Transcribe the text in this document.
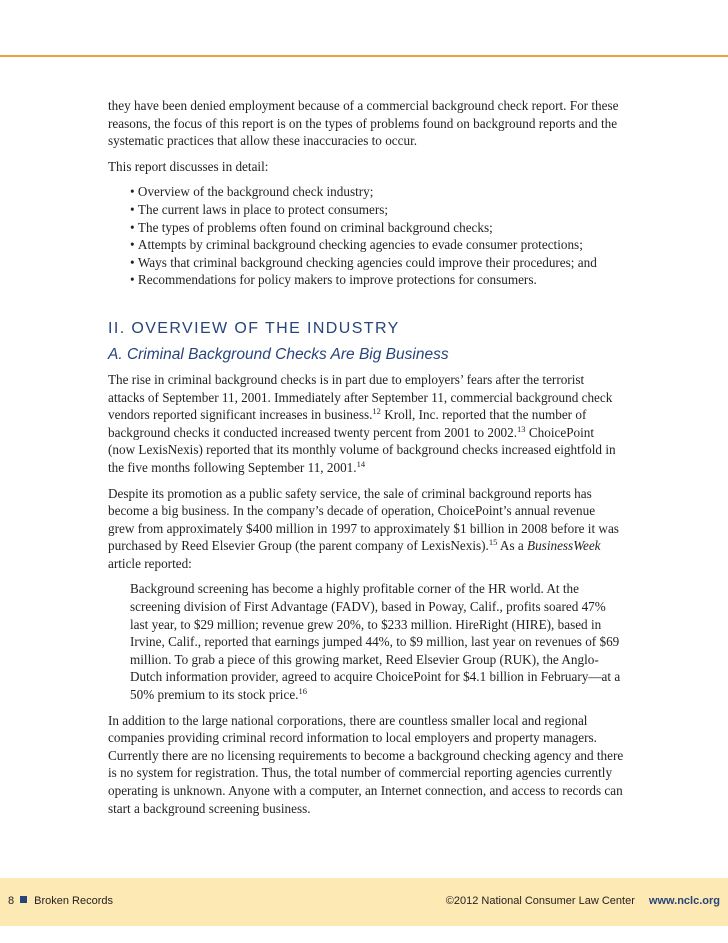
they have been denied employment because of a commercial background check report. For these reasons, the focus of this report is on the types of problems found on background reports and the systematic practices that allow these inaccuracies to occur.

This report discusses in detail:

• Overview of the background check industry;
• The current laws in place to protect consumers;
• The types of problems often found on criminal background checks;
• Attempts by criminal background checking agencies to evade consumer protections;
• Ways that criminal background checking agencies could improve their procedures; and
• Recommendations for policy makers to improve protections for consumers.
II. OVERVIEW OF THE INDUSTRY
A. Criminal Background Checks Are Big Business

The rise in criminal background checks is in part due to employers’ fears after the terrorist attacks of September 11, 2001. Immediately after September 11, commercial background check vendors reported significant increases in business.$^{12}$ Kroll, Inc. reported that the number of background checks it conducted increased twenty percent from 2001 to 2002.13 ChoicePoint (now LexisNexis) reported that its monthly volume of background checks increased eightfold in the five months following September 11, 2001.14

Despite its promotion as a public safety service, the sale of criminal background reports has become a big business. In the company’s decade of operation, ChoicePoint’s annual revenue grew from approximately $400 million in 1997 to approximately $1 billion in 2008 before it was purchased by Reed Elsevier Group (the parent company of LexisNexis).$^{15}$ As a BusinessWeek article reported:

Background screening has become a highly profitable corner of the HR world. At the screening division of First Advantage (FADV), based in Poway, Calif., profits soared 47% last year, to $29 million; revenue grew 20%, to $233 million. HireRight (HIRE), based in Irvine, Calif., reported that earnings jumped 44%, to $9 million, last year on revenues of $69 million. To grab a piece of this growing market, Reed Elsevier Group (RUK), the Anglo-Dutch information provider, agreed to acquire ChoicePoint for $4.1 billion in February—at a 50% premium to its stock price.$^{16}$

In addition to the large national corporations, there are countless smaller local and regional companies providing criminal record information to local employers and property managers. Currently there are no licensing requirements to become a background checking agency and there is no system for registration. Thus, the total number of commercial reporting agencies currently operating is unknown. Anyone with a computer, an Internet connection, and access to records can start a background screening business.

8 Broken Records	©2012 National Consumer Law Center www.nclc.org
